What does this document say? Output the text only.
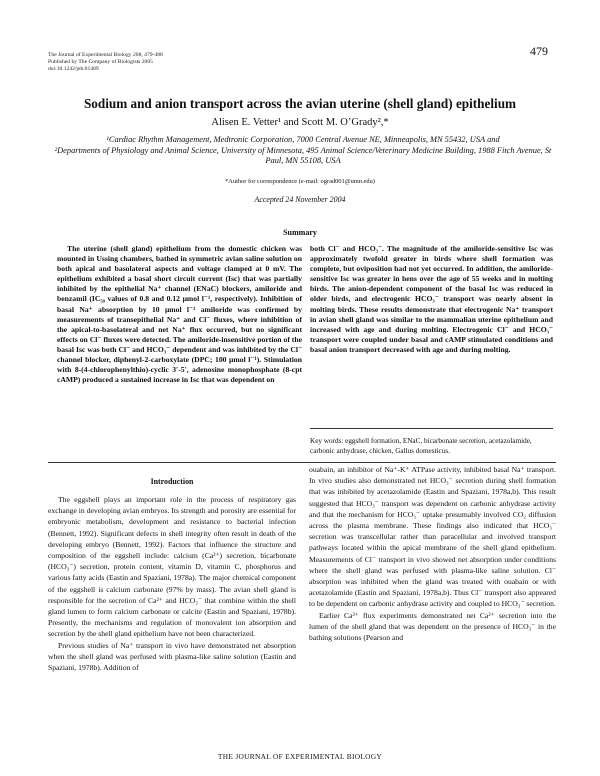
The Journal of Experimental Biology 208, 479-488
Published by The Company of Biologists 2005
doi:10.1242/jeb.01409
479
Sodium and anion transport across the avian uterine (shell gland) epithelium
Alisen E. Vetter¹ and Scott M. O’Grady²,*
¹Cardiac Rhythm Management, Medtronic Corporation, 7000 Central Avenue NE, Minneapolis, MN 55432, USA and
²Departments of Physiology and Animal Science, University of Minnesota, 495 Animal Science/Veterinary Medicine Building, 1988 Fitch Avenue, St Paul, MN 55108, USA
*Author for correspondence (e-mail: ograd001@umn.edu)
Accepted 24 November 2004
Summary
The uterine (shell gland) epithelium from the domestic chicken was mounted in Ussing chambers, bathed in symmetric avian saline solution on both apical and basolateral aspects and voltage clamped at 0 mV. The epithelium exhibited a basal short circuit current (Isc) that was partially inhibited by the epithelial Na⁺ channel (ENaC) blockers, amiloride and benzamil (IC₅₀ values of 0.8 and 0.12 μmol l⁻¹, respectively). Inhibition of basal Na⁺ absorption by 10 μmol l⁻¹ amiloride was confirmed by measurements of transepithelial Na⁺ and Cl⁻ fluxes, where inhibition of the apical-to-basolateral and net Na⁺ flux occurred, but no significant effects on Cl⁻ fluxes were detected. The amiloride-insensitive portion of the basal Isc was both Cl⁻ and HCO₃⁻ dependent and was inhibited by the Cl⁻ channel blocker, diphenyl-2-carboxylate (DPC; 100 μmol l⁻¹). Stimulation with 8-(4-chlorophenylthio)-cyclic 3′-5′, adenosine monophosphate (8-cpt cAMP) produced a sustained increase in Isc that was dependent on
both Cl⁻ and HCO₃⁻. The magnitude of the amiloride-sensitive Isc was approximately twofold greater in birds where shell formation was complete, but oviposition had not yet occurred. In addition, the amiloride-sensitive Isc was greater in hens over the age of 55 weeks and in molting birds. The anion-dependent component of the basal Isc was reduced in older birds, and electrogenic HCO₃⁻ transport was nearly absent in molting birds. These results demonstrate that electrogenic Na⁺ transport in avian shell gland was similar to the mammalian uterine epithelium and increased with age and during molting. Electrogenic Cl⁻ and HCO₃⁻ transport were coupled under basal and cAMP stimulated conditions and basal anion transport decreased with age and during molting.
Key words: eggshell formation, ENaC, bicarbonate secretion, acetazolamide, carbonic anhydrase, chicken, Gallus domesticus.
Introduction

The eggshell plays an important role in the process of respiratory gas exchange in developing avian embryos. Its strength and porosity are essential for embryonic metabolism, development and resistance to bacterial infection (Bennett, 1992). Significant defects in shell integrity often result in death of the developing embryo (Bennett, 1992). Factors that influence the structure and composition of the eggshell include: calcium (Ca²⁺) secretion, bicarbonate (HCO₃⁻) secretion, protein content, vitamin D, vitamin C, phosphorus and various fatty acids (Eastin and Spaziani, 1978a). The major chemical component of the eggshell is calcium carbonate (97% by mass). The avian shell gland is responsible for the secretion of Ca²⁺ and HCO₃⁻ that combine within the shell gland lumen to form calcium carbonate or calcite (Eastin and Spaziani, 1978b). Presently, the mechanisms and regulation of monovalent ion absorption and secretion by the shell gland epithelium have not been characterized.

Previous studies of Na⁺ transport in vivo have demonstrated net absorption when the shell gland was perfused with plasma-like saline solution (Eastin and Spaziani, 1978b). Addition of

ouabain, an inhibitor of Na⁺-K⁺ ATPase activity, inhibited basal Na⁺ transport. In vivo studies also demonstrated net HCO₃⁻ secretion during shell formation that was inhibited by acetazolamide (Eastin and Spaziani, 1978a,b). This result suggested that HCO₃⁻ transport was dependent on carbonic anhydrase activity and that the mechanism for HCO₃⁻ uptake presumably involved CO₂ diffusion across the plasma membrane. These findings also indicated that HCO₃⁻ secretion was transcellular rather than paracellular and involved transport pathways located within the apical membrane of the shell gland epithelium. Measurements of Cl⁻ transport in vivo showed net absorption under conditions where the shell gland was perfused with plasma-like saline solution. Cl⁻ absorption was inhibited when the gland was treated with ouabain or with acetazolamide (Eastin and Spaziani, 1978a,b). Thus Cl⁻ transport also appeared to be dependent on carbonic anhydrase activity and coupled to HCO₃⁻ secretion.

Earlier Ca²⁺ flux experiments demonstrated net Ca²⁺ secretion into the lumen of the shell gland that was dependent on the presence of HCO₃⁻ in the bathing solutions (Pearson and

THE JOURNAL OF EXPERIMENTAL BIOLOGY
